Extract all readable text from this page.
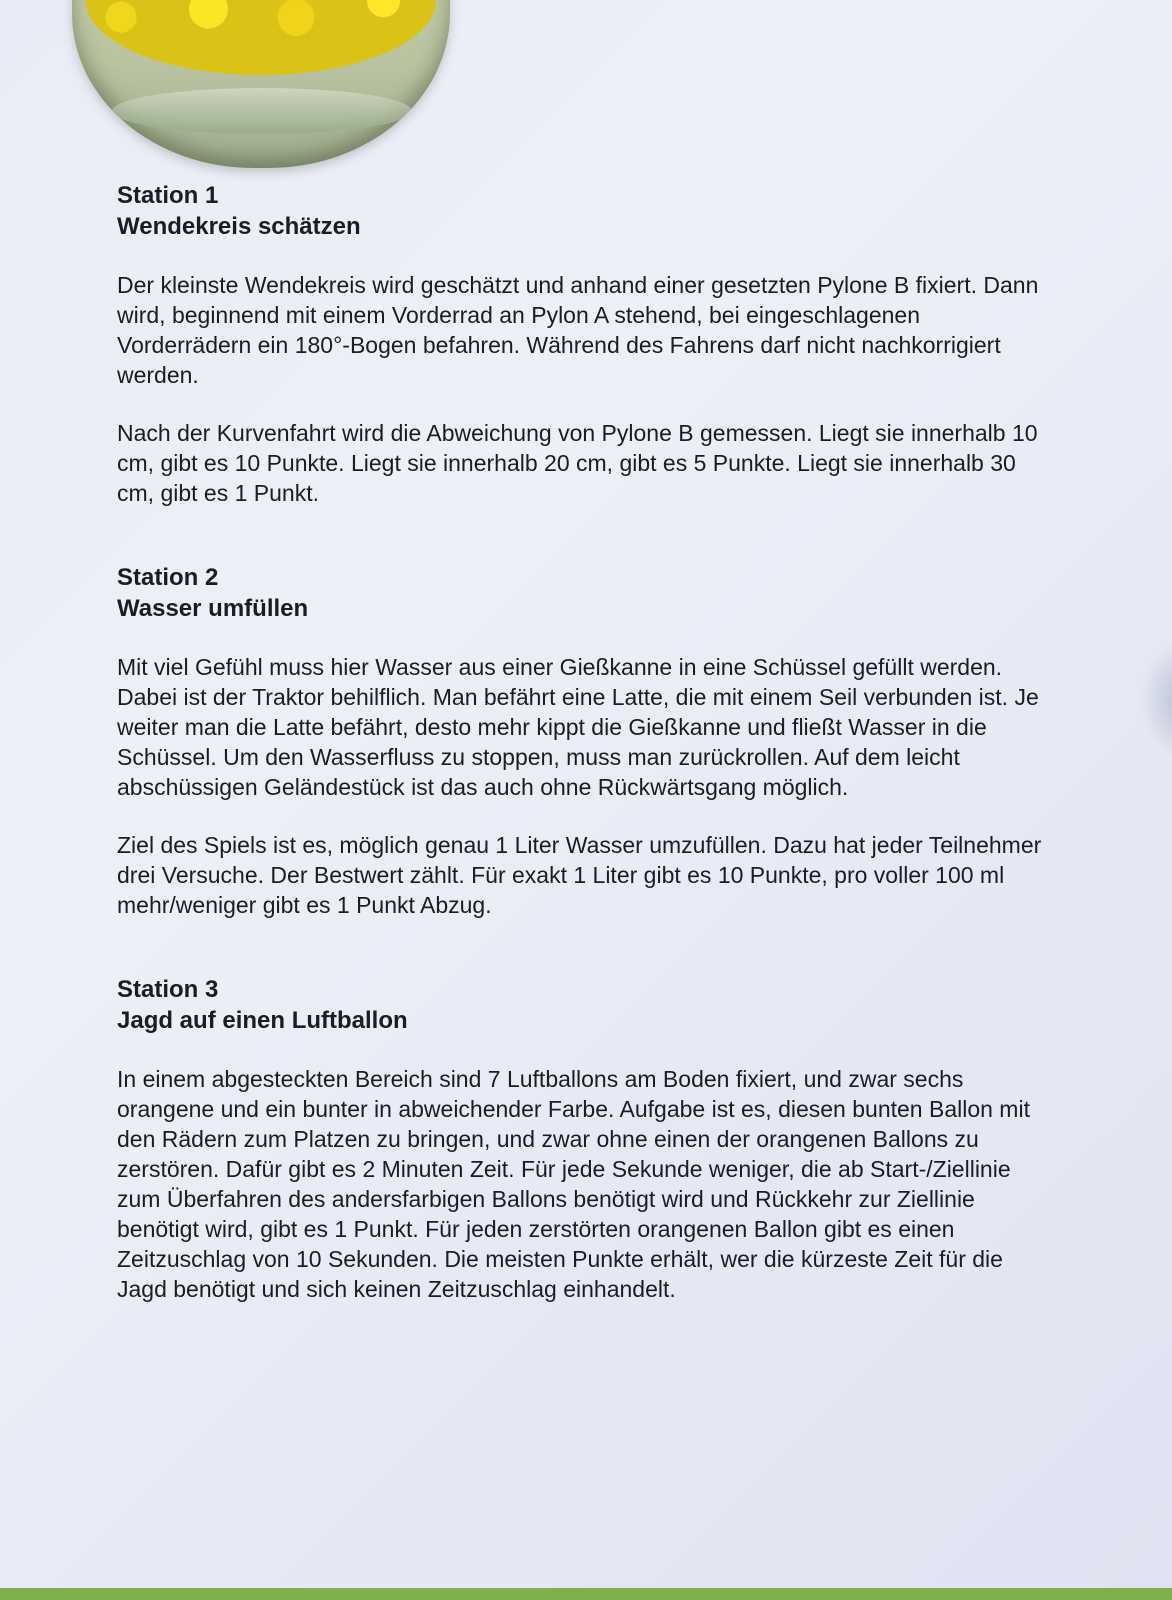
Station 1

Wendekreis schätzen

Der kleinste Wendekreis wird geschätzt und anhand einer gesetzten Pylone B fixiert. Dann wird, beginnend mit einem Vorderrad an Pylon A stehend, bei eingeschlagenen Vorderrädern ein 180°-Bogen befahren. Während des Fahrens darf nicht nachkorrigiert werden.

Nach der Kurvenfahrt wird die Abweichung von Pylone B gemessen. Liegt sie innerhalb 10 cm, gibt es 10 Punkte. Liegt sie innerhalb 20 cm, gibt es 5 Punkte. Liegt sie innerhalb 30 cm, gibt es 1 Punkt.

Station 2

Wasser umfüllen

Mit viel Gefühl muss hier Wasser aus einer Gießkanne in eine Schüssel gefüllt werden. Dabei ist der Traktor behilflich. Man befährt eine Latte, die mit einem Seil verbunden ist. Je weiter man die Latte befährt, desto mehr kippt die Gießkanne und fließt Wasser in die Schüssel. Um den Wasserfluss zu stoppen, muss man zurückrollen. Auf dem leicht abschüssigen Geländestück ist das auch ohne Rückwärtsgang möglich.

Ziel des Spiels ist es, möglich genau 1 Liter Wasser umzufüllen. Dazu hat jeder Teilnehmer drei Versuche. Der Bestwert zählt. Für exakt 1 Liter gibt es 10 Punkte, pro voller 100 ml mehr/weniger gibt es 1 Punkt Abzug.

Station 3

Jagd auf einen Luftballon

In einem abgesteckten Bereich sind 7 Luftballons am Boden fixiert, und zwar sechs orangene und ein bunter in abweichender Farbe. Aufgabe ist es, diesen bunten Ballon mit den Rädern zum Platzen zu bringen, und zwar ohne einen der orangenen Ballons zu zerstören. Dafür gibt es 2 Minuten Zeit. Für jede Sekunde weniger, die ab Start-/Ziellinie zum Überfahren des andersfarbigen Ballons benötigt wird und Rückkehr zur Ziellinie benötigt wird, gibt es 1 Punkt. Für jeden zerstörten orangenen Ballon gibt es einen Zeitzuschlag von 10 Sekunden. Die meisten Punkte erhält, wer die kürzeste Zeit für die Jagd benötigt und sich keinen Zeitzuschlag einhandelt.
